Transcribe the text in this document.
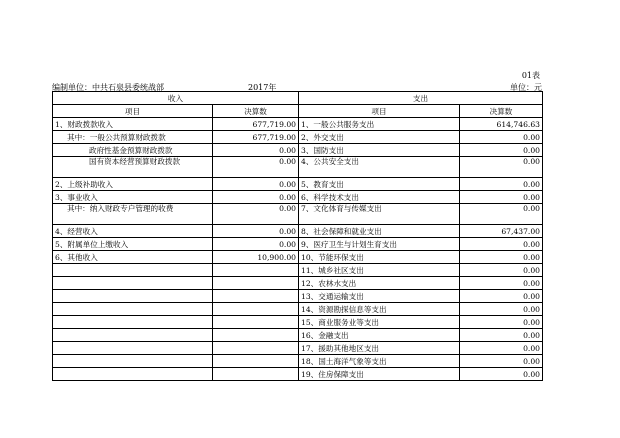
01表
编制单位：中共石泉县委统战部	2017年	单位：元
收入		支出	
项目	决算数	项目	决算数
1、财政拨款收入	677,719.00	1、一般公共服务支出	614,746.63
其中：一般公共预算财政拨款	677,719.00	2、外交支出	0.00
政府性基金预算财政拨款	0.00	3、国防支出	0.00
国有资本经营预算财政拨款	0.00	4、公共安全支出	0.00
2、上级补助收入	0.00	5、教育支出	0.00
3、事业收入	0.00	6、科学技术支出	0.00
其中：纳入财政专户管理的收费	0.00	7、文化体育与传媒支出	0.00
4、经营收入	0.00	8、社会保障和就业支出	67,437.00
5、附属单位上缴收入	0.00	9、医疗卫生与计划生育支出	0.00
6、其他收入	10,900.00	10、节能环保支出	0.00
		11、城乡社区支出	0.00
		12、农林水支出	0.00
		13、交通运输支出	0.00
		14、资源勘探信息等支出	0.00
		15、商业服务业等支出	0.00
		16、金融支出	0.00
		17、援助其他地区支出	0.00
		18、国土海洋气象等支出	0.00
		19、住房保障支出	0.00
